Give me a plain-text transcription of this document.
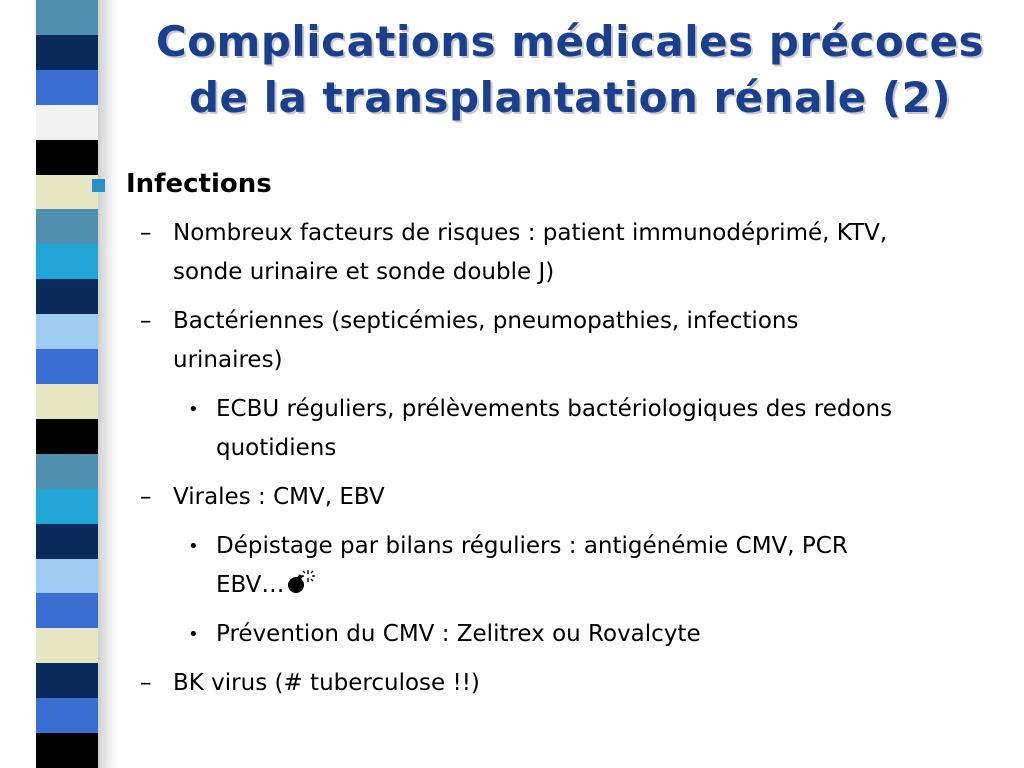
Complications médicales précoces
de la transplantation rénale (2)
Infections
– Nombreux facteurs de risques : patient immunodéprimé, KTV,
sonde urinaire et sonde double J)
– Bactériennes (septicémies, pneumopathies, infections
urinaires)
• ECBU réguliers, prélèvements bactériologiques des redons
quotidiens
– Virales : CMV, EBV
• Dépistage par bilans réguliers : antigénémie CMV, PCR
EBV…
• Prévention du CMV : Zelitrex ou Rovalcyte
– BK virus (# tuberculose !!)
